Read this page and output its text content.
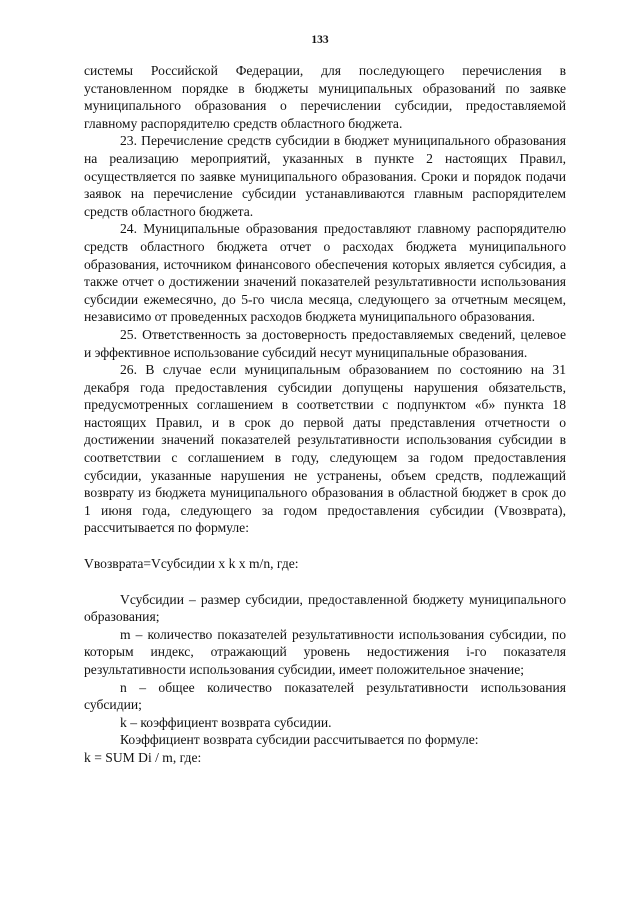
133

системы Российской Федерации, для последующего перечисления в установленном порядке в бюджеты муниципальных образований по заявке муниципального образования о перечислении субсидии, предоставляемой главному распорядителю средств областного бюджета.

23. Перечисление средств субсидии в бюджет муниципального образования на реализацию мероприятий, указанных в пункте 2 настоящих Правил, осуществляется по заявке муниципального образования. Сроки и порядок подачи заявок на перечисление субсидии устанавливаются главным распорядителем средств областного бюджета.

24. Муниципальные образования предоставляют главному распорядителю средств областного бюджета отчет о расходах бюджета муниципального образования, источником финансового обеспечения которых является субсидия, а также отчет о достижении значений показателей результативности использования субсидии ежемесячно, до 5-го числа месяца, следующего за отчетным месяцем, независимо от проведенных расходов бюджета муниципального образования.

25. Ответственность за достоверность предоставляемых сведений, целевое и эффективное использование субсидий несут муниципальные образования.

26. В случае если муниципальным образованием по состоянию на 31 декабря года предоставления субсидии допущены нарушения обязательств, предусмотренных соглашением в соответствии с подпунктом «б» пункта 18 настоящих Правил, и в срок до первой даты представления отчетности о достижении значений показателей результативности использования субсидии в соответствии с соглашением в году, следующем за годом предоставления субсидии, указанные нарушения не устранены, объем средств, подлежащий возврату из бюджета муниципального образования в областной бюджет в срок до 1 июня года, следующего за годом предоставления субсидии (Vвозврата), рассчитывается по формуле:

Vвозврата=Vсубсидии x k x m/n, где:

Vсубсидии – размер субсидии, предоставленной бюджету муниципального образования;

m – количество показателей результативности использования субсидии, по которым индекс, отражающий уровень недостижения i-го показателя результативности использования субсидии, имеет положительное значение;

n – общее количество показателей результативности использования субсидии;

k – коэффициент возврата субсидии.

Коэффициент возврата субсидии рассчитывается по формуле:

k = SUM Di / m, где:
